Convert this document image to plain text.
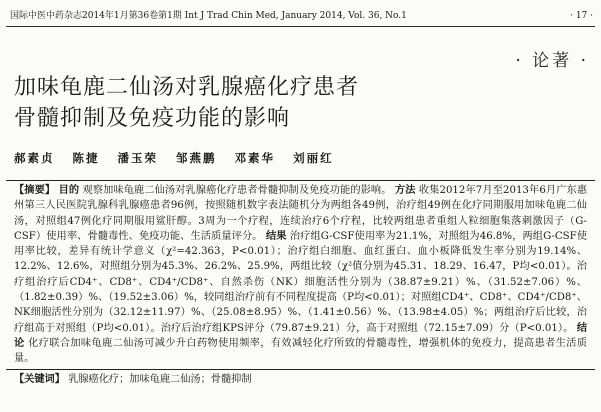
国际中医中药杂志2014年1月第36卷第1期 Int J Trad Chin Med, January 2014, Vol. 36, No.1	· 17 ·
· 论著 ·
加味龟鹿二仙汤对乳腺癌化疗患者
骨髓抑制及免疫功能的影响
郝素贞 陈捷 潘玉荣 邹燕鹏 邓素华 刘丽红
【摘要】 目的 观察加味龟鹿二仙汤对乳腺癌化疗患者骨髓抑制及免疫功能的影响。 方法 收集2012年7月至2013年6月广东惠州第三人民医院乳腺科乳腺癌患者96例，按照随机数字表法随机分为两组各49例，治疗组49例在化疗同期服用加味龟鹿二仙汤，对照组47例化疗同期服用鲨肝醇。3周为一个疗程，连续治疗6个疗程，比较两组患者重组人粒细胞集落刺激因子（G-CSF）使用率、骨髓毒性、免疫功能、生活质量评分。 结果 治疗组G-CSF使用率为21.1%，对照组为46.8%，两组G-CSF使用率比较，差异有统计学意义（χ²=42.363，P<0.01）；治疗组白细胞、血红蛋白、血小板降低发生率分别为19.14%、12.2%、12.6%，对照组分别为45.3%、26.2%、25.9%，两组比较（χ²值分别为45.31、18.29、16.47，P均<0.01）。治疗组治疗后CD4⁺、CD8⁺、CD4⁺/CD8⁺、自然杀伤（NK）细胞活性分别为（38.87±9.21）%、（31.52±7.06）%、（1.82±0.39）%、（19.52±3.06）%，较同组治疗前有不同程度提高（P均<0.01）；对照组CD4⁺、CD8⁺、CD4⁺/CD8⁺、NK细胞活性分别为（32.12±11.97）%、（25.08±8.95）%、（1.41±0.56）%、（13.98±4.05）%；两组治疗后比较，治疗组高于对照组（P均<0.01）。治疗后治疗组KPS评分（79.87±9.21）分，高于对照组（72.15±7.09）分（P<0.01）。 结论 化疗联合加味龟鹿二仙汤可减少升白药物使用频率，有效减轻化疗所致的骨髓毒性，增强机体的免疫力，提高患者生活质量。
【关键词】 乳腺癌化疗；加味龟鹿二仙汤；骨髓抑制
